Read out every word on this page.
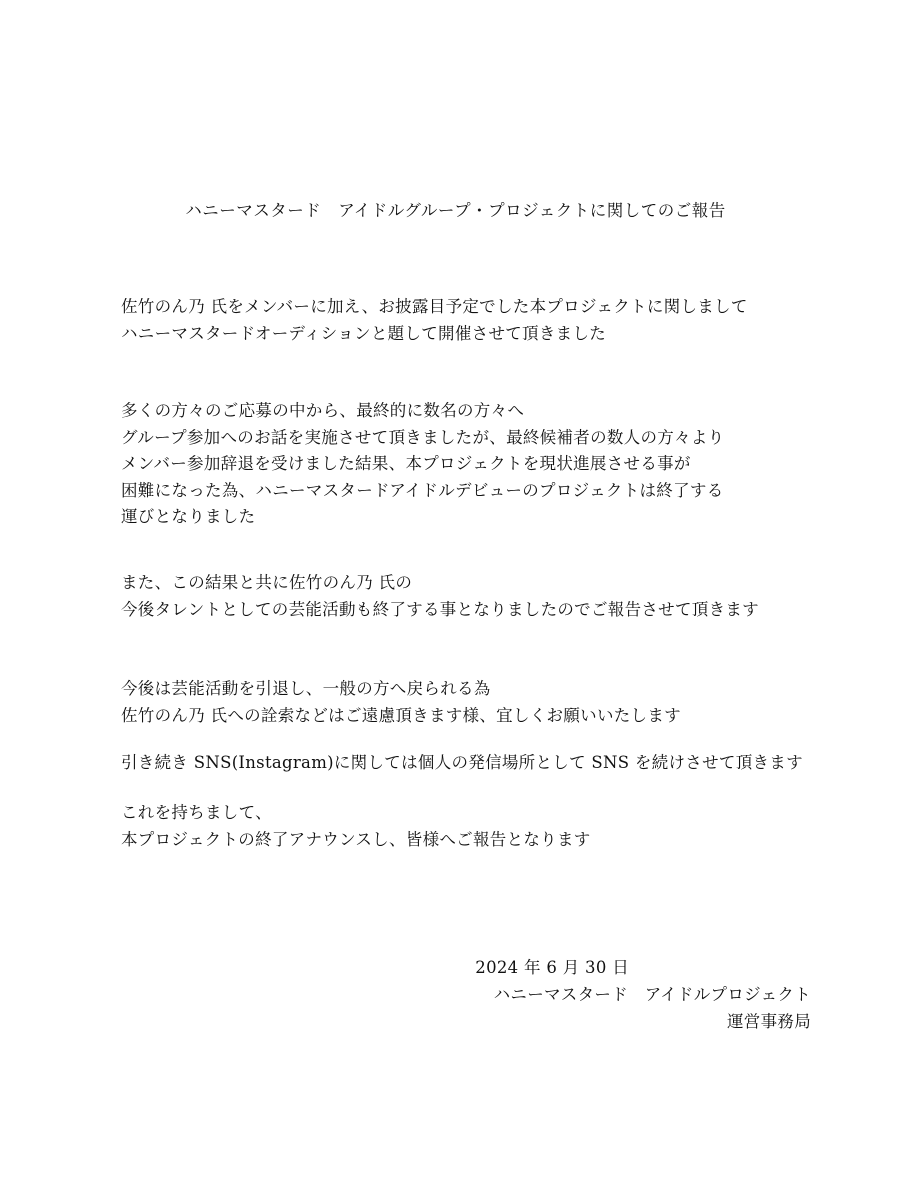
ハニーマスタード　アイドルグループ・プロジェクトに関してのご報告
佐竹のん乃 氏をメンバーに加え、お披露目予定でした本プロジェクトに関しまして
ハニーマスタードオーディションと題して開催させて頂きました
多くの方々のご応募の中から、最終的に数名の方々へ
グループ参加へのお話を実施させて頂きましたが、最終候補者の数人の方々より
メンバー参加辞退を受けました結果、本プロジェクトを現状進展させる事が
困難になった為、ハニーマスタードアイドルデビューのプロジェクトは終了する
運びとなりました
また、この結果と共に佐竹のん乃 氏の
今後タレントとしての芸能活動も終了する事となりましたのでご報告させて頂きます
今後は芸能活動を引退し、一般の方へ戻られる為
佐竹のん乃 氏への詮索などはご遠慮頂きます様、宜しくお願いいたします
引き続き SNS(Instagram)に関しては個人の発信場所として SNS を続けさせて頂きます
これを持ちまして、
本プロジェクトの終了アナウンスし、皆様へご報告となります
2024 年 6 月 30 日
ハニーマスタード　アイドルプロジェクト
運営事務局
